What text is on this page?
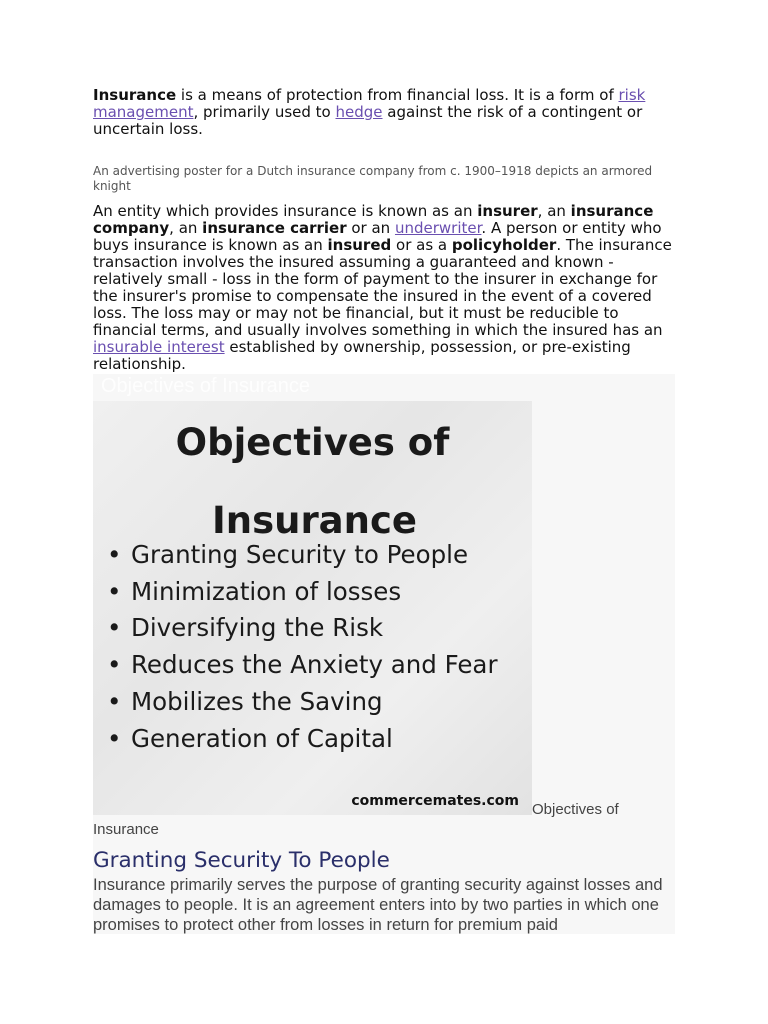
Insurance is a means of protection from financial loss. It is a form of risk management, primarily used to hedge against the risk of a contingent or uncertain loss.

An advertising poster for a Dutch insurance company from c. 1900–1918 depicts an armored knight

An entity which provides insurance is known as an insurer, an insurance company, an insurance carrier or an underwriter. A person or entity who buys insurance is known as an insured or as a policyholder. The insurance transaction involves the insured assuming a guaranteed and known - relatively small - loss in the form of payment to the insurer in exchange for the insurer's promise to compensate the insured in the event of a covered loss. The loss may or may not be financial, but it must be reducible to financial terms, and usually involves something in which the insured has an insurable interest established by ownership, possession, or pre-existing relationship.

Objectives of Insurance
Objectives of
Insurance
• Granting Security to People
• Minimization of losses
• Diversifying the Risk
• Reduces the Anxiety and Fear
• Mobilizes the Saving
• Generation of Capital
commercemates.com Objectives of
Insurance
Granting Security To People

Insurance primarily serves the purpose of granting security against losses and damages to people. It is an agreement enters into by two parties in which one promises to protect other from losses in return for premium paid
